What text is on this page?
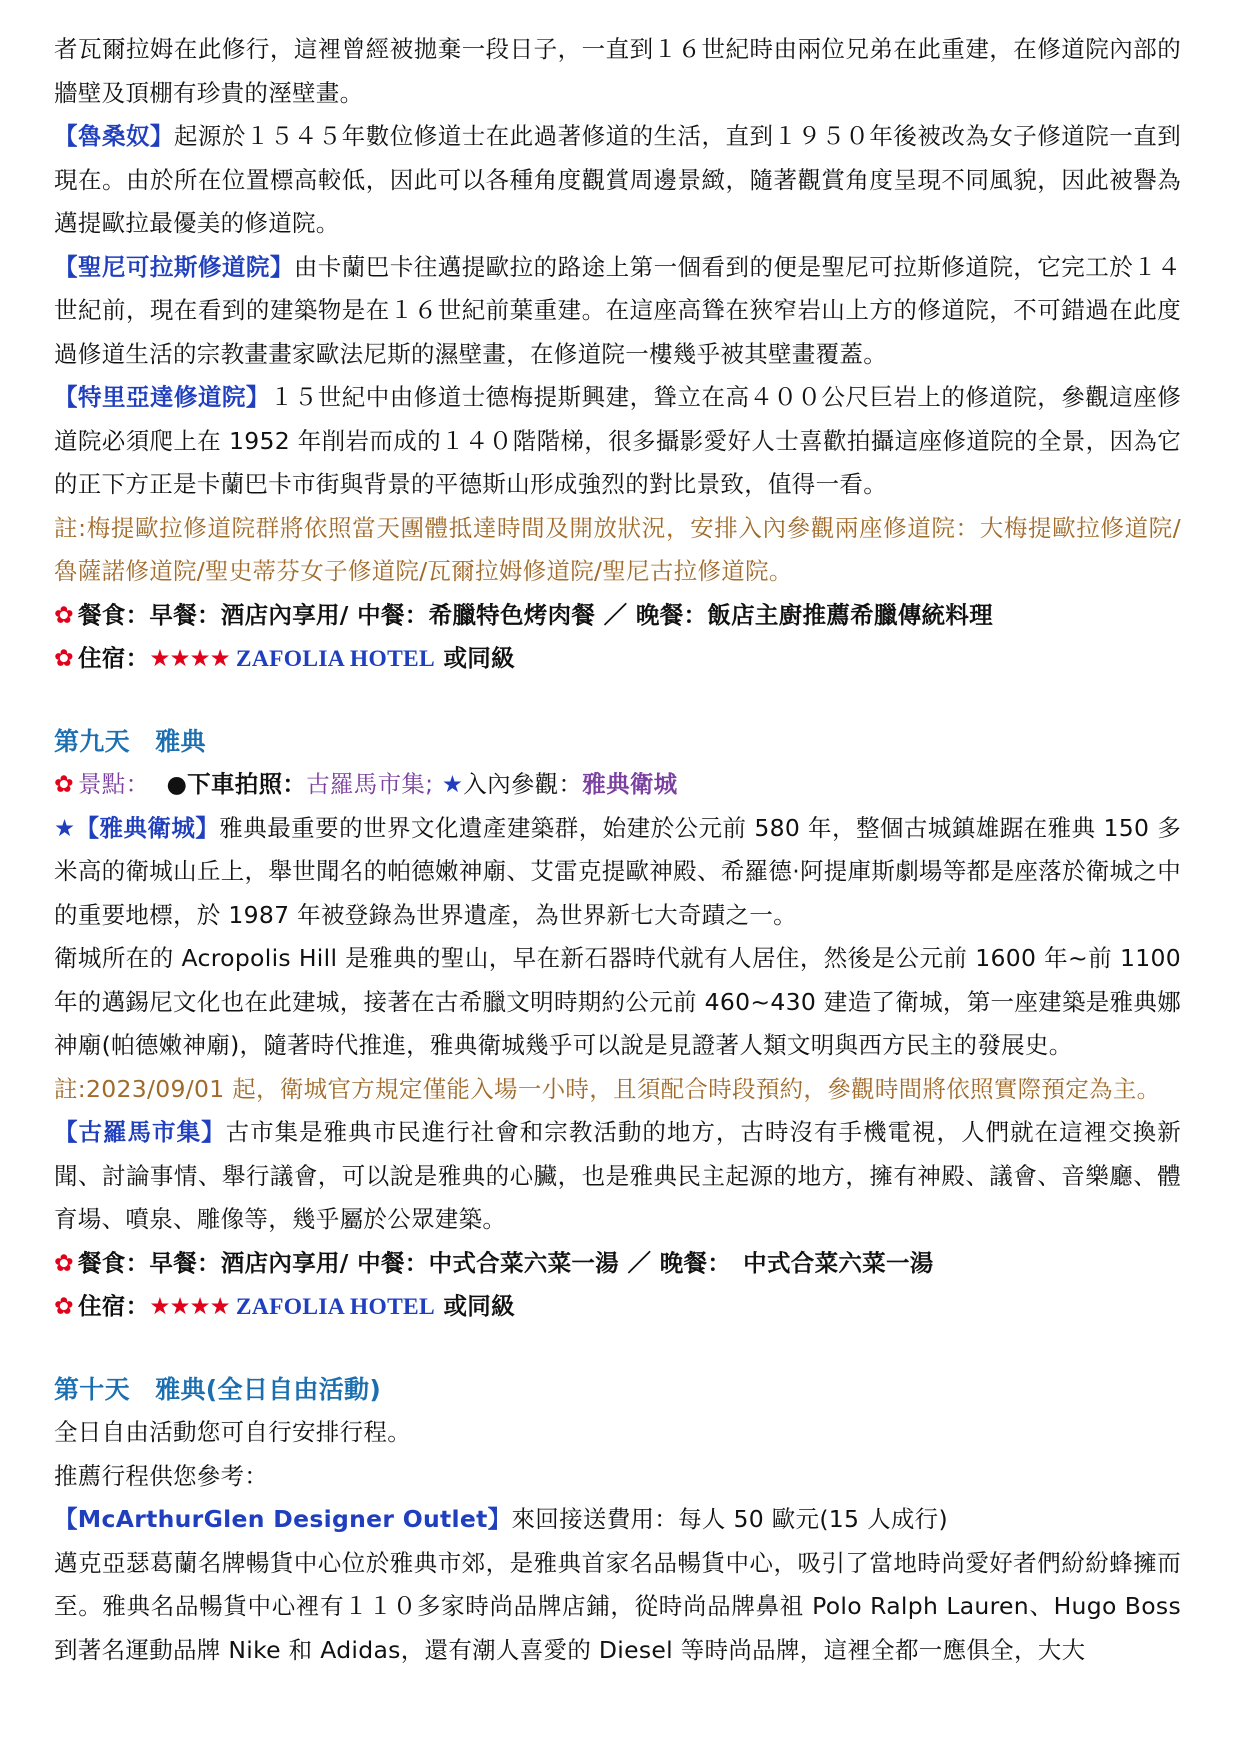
者瓦爾拉姆在此修行，這裡曾經被拋棄一段日子，一直到１６世紀時由兩位兄弟在此重建，在修道院內部的牆壁及頂棚有珍貴的溼壁畫。

【魯桑奴】起源於１５４５年數位修道士在此過著修道的生活，直到１９５０年後被改為女子修道院一直到現在。由於所在位置標高較低，因此可以各種角度觀賞周邊景緻，隨著觀賞角度呈現不同風貌，因此被譽為邁提歐拉最優美的修道院。

【聖尼可拉斯修道院】由卡蘭巴卡往邁提歐拉的路途上第一個看到的便是聖尼可拉斯修道院，它完工於１４世紀前，現在看到的建築物是在１６世紀前葉重建。在這座高聳在狹窄岩山上方的修道院，不可錯過在此度過修道生活的宗教畫畫家歐法尼斯的濕壁畫，在修道院一樓幾乎被其壁畫覆蓋。

【特里亞達修道院】１５世紀中由修道士德梅提斯興建，聳立在高４００公尺巨岩上的修道院，參觀這座修道院必須爬上在 1952 年削岩而成的１４０階階梯，很多攝影愛好人士喜歡拍攝這座修道院的全景，因為它的正下方正是卡蘭巴卡市街與背景的平德斯山形成強烈的對比景致，值得一看。

註:梅提歐拉修道院群將依照當天團體抵達時間及開放狀況，安排入內參觀兩座修道院：大梅提歐拉修道院/魯薩諾修道院/聖史蒂芬女子修道院/瓦爾拉姆修道院/聖尼古拉修道院。

✿ 餐食：早餐：酒店內享用/ 中餐：希臘特色烤肉餐 ／ 晚餐：飯店主廚推薦希臘傳統料理
✿ 住宿：★★★★ ZAFOLIA HOTEL 或同級
第九天　雅典
✿ 景點： ●下車拍照：古羅馬市集; ★入內參觀：雅典衛城

★【雅典衛城】雅典最重要的世界文化遺產建築群，始建於公元前 580 年，整個古城鎮雄踞在雅典 150 多米高的衛城山丘上，舉世聞名的帕德嫩神廟、艾雷克提歐神殿、希羅德·阿提庫斯劇場等都是座落於衛城之中的重要地標，於 1987 年被登錄為世界遺產，為世界新七大奇蹟之一。

衛城所在的 Acropolis Hill 是雅典的聖山，早在新石器時代就有人居住，然後是公元前 1600 年~前 1100 年的邁錫尼文化也在此建城，接著在古希臘文明時期約公元前 460~430 建造了衛城，第一座建築是雅典娜神廟(帕德嫩神廟)，隨著時代推進，雅典衛城幾乎可以說是見證著人類文明與西方民主的發展史。

註:2023/09/01 起，衛城官方規定僅能入場一小時，且須配合時段預約，參觀時間將依照實際預定為主。

【古羅馬市集】古市集是雅典市民進行社會和宗教活動的地方，古時沒有手機電視，人們就在這裡交換新聞、討論事情、舉行議會，可以說是雅典的心臟，也是雅典民主起源的地方，擁有神殿、議會、音樂廳、體育場、噴泉、雕像等，幾乎屬於公眾建築。

✿ 餐食：早餐：酒店內享用/ 中餐：中式合菜六菜一湯 ／ 晚餐：　中式合菜六菜一湯
✿ 住宿：★★★★ ZAFOLIA HOTEL 或同級
第十天　雅典(全日自由活動)

全日自由活動您可自行安排行程。

推薦行程供您參考：

【McArthurGlen Designer Outlet】來回接送費用：每人 50 歐元(15 人成行)

邁克亞瑟葛蘭名牌暢貨中心位於雅典市郊，是雅典首家名品暢貨中心，吸引了當地時尚愛好者們紛紛蜂擁而至。雅典名品暢貨中心裡有１１０多家時尚品牌店鋪，從時尚品牌鼻祖 Polo Ralph Lauren、Hugo Boss 到著名運動品牌 Nike 和 Adidas，還有潮人喜愛的 Diesel 等時尚品牌，這裡全都一應俱全，大大
